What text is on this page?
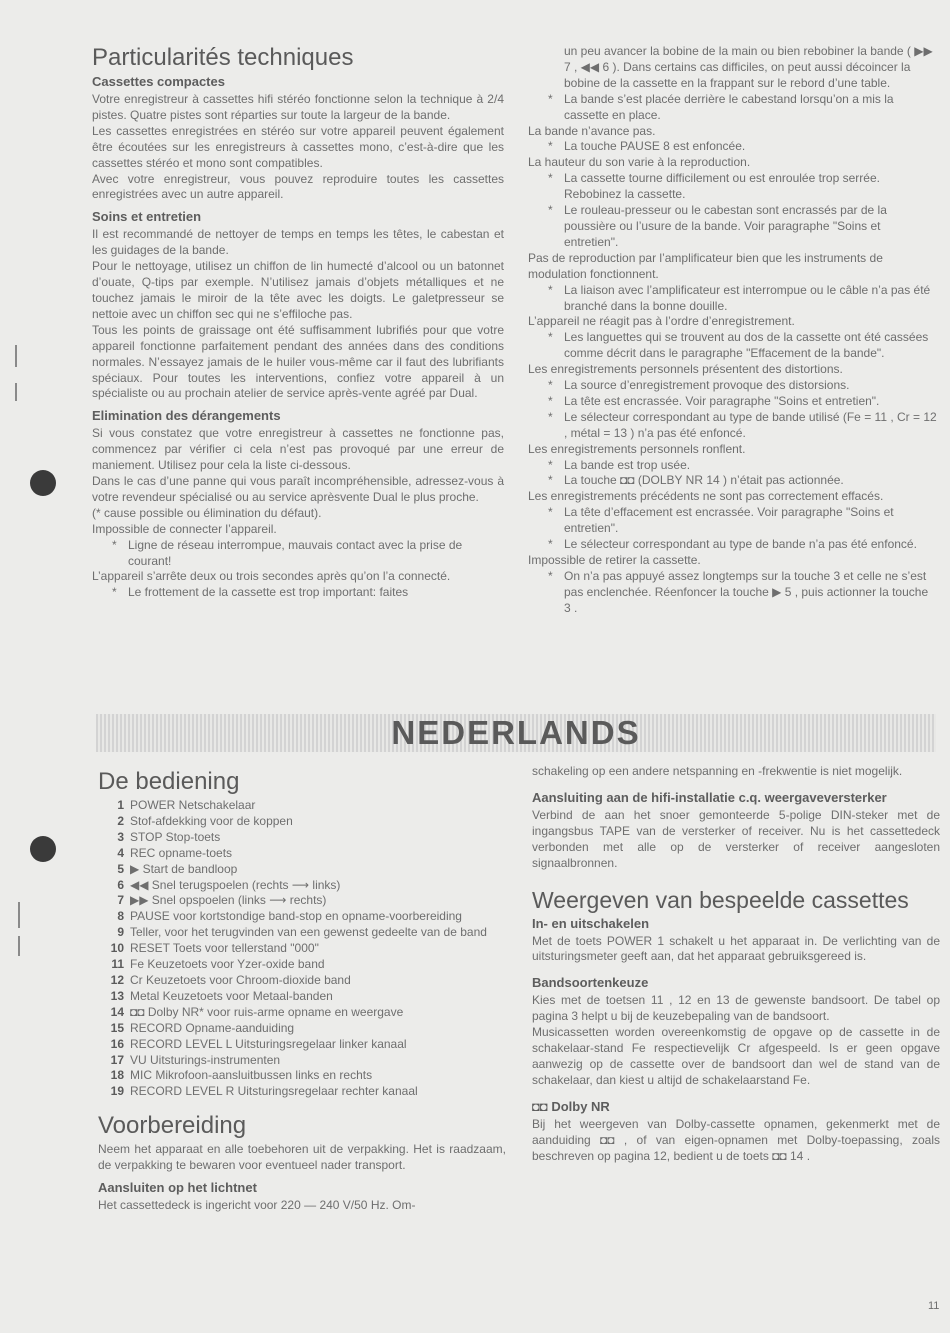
Particularités techniques
Cassettes compactes

Votre enregistreur à cassettes hifi stéréo fonctionne selon la technique à 2/4 pistes. Quatre pistes sont réparties sur toute la largeur de la bande.

Les cassettes enregistrées en stéréo sur votre appareil peuvent également être écoutées sur les enregistreurs à cassettes mono, c’est-à-dire que les cassettes stéréo et mono sont compatibles.

Avec votre enregistreur, vous pouvez reproduire toutes les cassettes enregistrées avec un autre appareil.

Soins et entretien

Il est recommandé de nettoyer de temps en temps les têtes, le cabestan et les guidages de la bande.

Pour le nettoyage, utilisez un chiffon de lin humecté d’alcool ou un batonnet d’ouate, Q-tips par exemple. N’utilisez jamais d’objets métalliques et ne touchez jamais le miroir de la tête avec les doigts. Le galetpresseur se nettoie avec un chiffon sec qui ne s’effiloche pas.

Tous les points de graissage ont été suffisamment lubrifiés pour que votre appareil fonctionne parfaitement pendant des années dans des conditions normales. N’essayez jamais de le huiler vous-même car il faut des lubrifiants spéciaux. Pour toutes les interventions, confiez votre appareil à un spécialiste ou au prochain atelier de service après-vente agréé par Dual.

Elimination des dérangements

Si vous constatez que votre enregistreur à cassettes ne fonctionne pas, commencez par vérifier ci cela n’est pas provoqué par une erreur de maniement. Utilisez pour cela la liste ci-dessous.

Dans le cas d’une panne qui vous paraît incompréhensible, adressez-vous à votre revendeur spécialisé ou au service aprèsvente Dual le plus proche.

(* cause possible ou élimination du défaut).
Impossible de connecter l’appareil.
* Ligne de réseau interrompue, mauvais contact avec la prise de courant!
L’appareil s’arrête deux ou trois secondes après qu’on l’a connecté.
* Le frottement de la cassette est trop important: faites
un peu avancer la bobine de la main ou bien rebobiner la bande ( ▶▶ 7 , ◀◀ 6 ). Dans certains cas difficiles, on peut aussi décoincer la bobine de la cassette en la frappant sur le rebord d’une table.
* La bande s’est placée derrière le cabestand lorsqu’on a mis la cassette en place.
La bande n’avance pas.
* La touche PAUSE 8 est enfoncée.
La hauteur du son varie à la reproduction.
* La cassette tourne difficilement ou est enroulée trop serrée. Rebobinez la cassette.
* Le rouleau-presseur ou le cabestan sont encrassés par de la poussière ou l’usure de la bande. Voir paragraphe "Soins et entretien".
Pas de reproduction par l’amplificateur bien que les instruments de modulation fonctionnent.
* La liaison avec l’amplificateur est interrompue ou le câble n’a pas été branché dans la bonne douille.
L’appareil ne réagit pas à l’ordre d’enregistrement.
* Les languettes qui se trouvent au dos de la cassette ont été cassées comme décrit dans le paragraphe "Effacement de la bande".
Les enregistrements personnels présentent des distortions.
* La source d’enregistrement provoque des distorsions.
* La tête est encrassée. Voir paragraphe "Soins et entretien".
* Le sélecteur correspondant au type de bande utilisé (Fe = 11 , Cr = 12 , métal = 13 ) n’a pas été enfoncé.
Les enregistrements personnels ronflent.
* La bande est trop usée.
* La touche ◘◘ (DOLBY NR 14 ) n’était pas actionnée.
Les enregistrements précédents ne sont pas correctement effacés.
* La tête d’effacement est encrassée. Voir paragraphe "Soins et entretien".
* Le sélecteur correspondant au type de bande n’a pas été enfoncé.
Impossible de retirer la cassette.
* On n’a pas appuyé assez longtemps sur la touche 3 et celle ne s’est pas enclenchée. Réenfoncer la touche ▶ 5 , puis actionner la touche 3 .
NEDERLANDS
De bediening
1 POWER Netschakelaar
2 Stof-afdekking voor de koppen
3 STOP Stop-toets
4 REC opname-toets
5 ▶ Start de bandloop
6 ◀◀ Snel terugspoelen (rechts ⟶ links)
7 ▶▶ Snel opspoelen (links ⟶ rechts)
8 PAUSE voor kortstondige band-stop en opname-voorbereiding
9 Teller, voor het terugvinden van een gewenst gedeelte van de band
10 RESET Toets voor tellerstand "000"
11 Fe Keuzetoets voor Yzer-oxide band
12 Cr Keuzetoets voor Chroom-dioxide band
13 Metal Keuzetoets voor Metaal-banden
14 ◘◘ Dolby NR* voor ruis-arme opname en weergave
15 RECORD Opname-aanduiding
16 RECORD LEVEL L Uitsturingsregelaar linker kanaal
17 VU Uitsturings-instrumenten
18 MIC Mikrofoon-aansluitbussen links en rechts
19 RECORD LEVEL R Uitsturingsregelaar rechter kanaal
Voorbereiding

Neem het apparaat en alle toebehoren uit de verpakking. Het is raadzaam, de verpakking te bewaren voor eventueel nader transport.

Aansluiten op het lichtnet

Het cassettedeck is ingericht voor 220 — 240 V/50 Hz. Om-

schakeling op een andere netspanning en -frekwentie is niet mogelijk.

Aansluiting aan de hifi-installatie c.q. weergaveversterker

Verbind de aan het snoer gemonteerde 5-polige DIN-steker met de ingangsbus TAPE van de versterker of receiver. Nu is het cassettedeck verbonden met alle op de versterker of receiver aangesloten signaalbronnen.

Weergeven van bespeelde cassettes
In- en uitschakelen

Met de toets POWER 1 schakelt u het apparaat in. De verlichting van de uitsturingsmeter geeft aan, dat het apparaat gebruiksgereed is.

Bandsoortenkeuze

Kies met de toetsen 11 , 12 en 13 de gewenste bandsoort. De tabel op pagina 3 helpt u bij de keuzebepaling van de bandsoort.

Musicassetten worden overeenkomstig de opgave op de cassette in de schakelaar-stand Fe respectievelijk Cr afgespeeld. Is er geen opgave aanwezig op de cassette over de bandsoort dan wel de stand van de schakelaar, dan kiest u altijd de schakelaarstand Fe.

◘◘ Dolby NR

Bij het weergeven van Dolby-cassette opnamen, gekenmerkt met de aanduiding ◘◘ , of van eigen-opnamen met Dolby-toepassing, zoals beschreven op pagina 12, bedient u de toets ◘◘ 14 .

11
